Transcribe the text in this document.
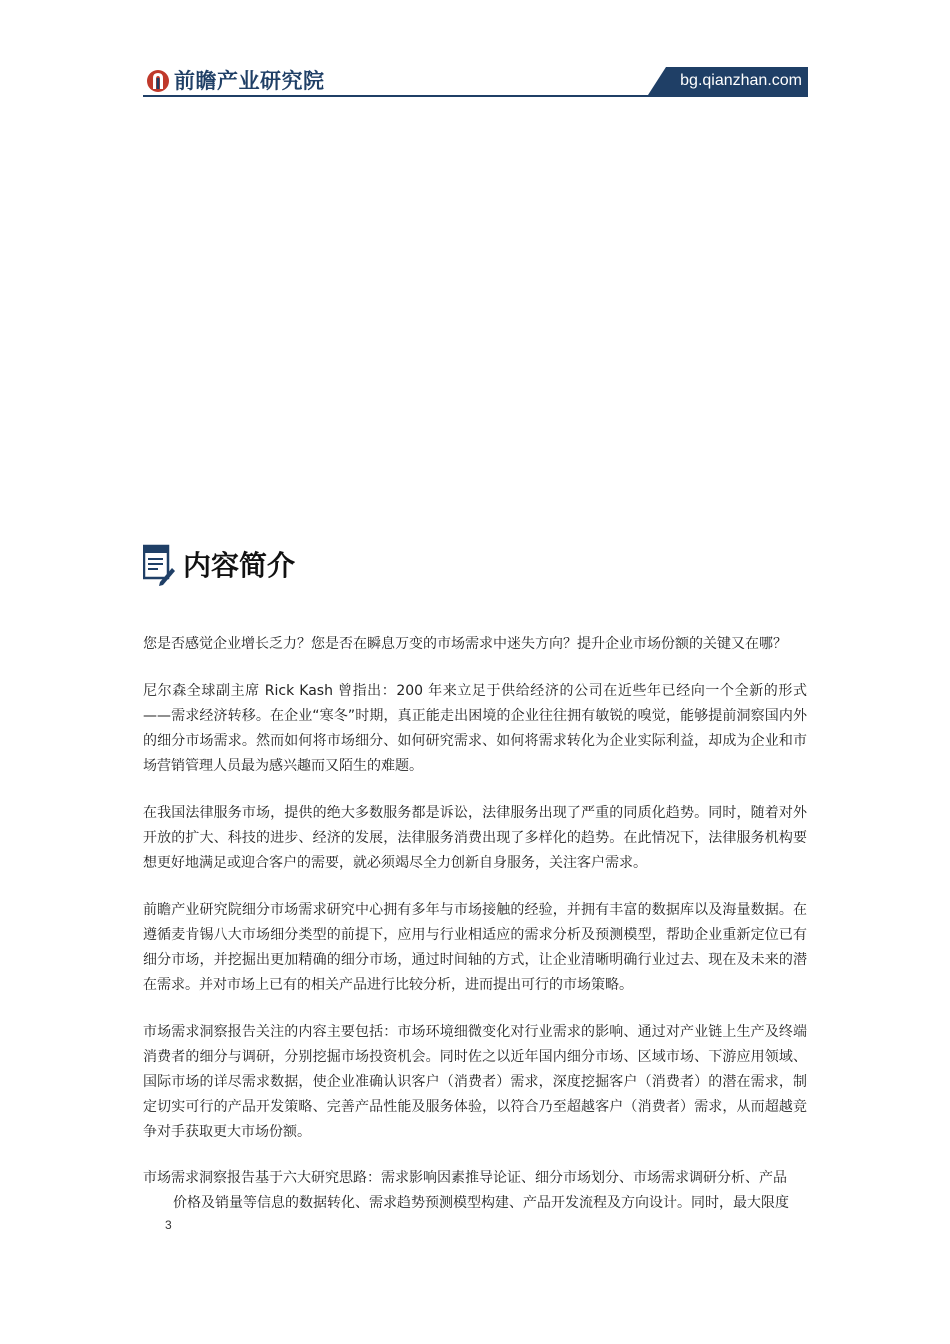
前瞻产业研究院	bg.qianzhan.com
内容简介

您是否感觉企业增长乏力？您是否在瞬息万变的市场需求中迷失方向？提升企业市场份额的关键又在哪？

尼尔森全球副主席 Rick Kash 曾指出：200 年来立足于供给经济的公司在近些年已经向一个全新的形式——需求经济转移。在企业“寒冬”时期，真正能走出困境的企业往往拥有敏锐的嗅觉，能够提前洞察国内外的细分市场需求。然而如何将市场细分、如何研究需求、如何将需求转化为企业实际利益，却成为企业和市场营销管理人员最为感兴趣而又陌生的难题。

在我国法律服务市场，提供的绝大多数服务都是诉讼，法律服务出现了严重的同质化趋势。同时，随着对外开放的扩大、科技的进步、经济的发展，法律服务消费出现了多样化的趋势。在此情况下，法律服务机构要想更好地满足或迎合客户的需要，就必须竭尽全力创新自身服务，关注客户需求。

前瞻产业研究院细分市场需求研究中心拥有多年与市场接触的经验，并拥有丰富的数据库以及海量数据。在遵循麦肯锡八大市场细分类型的前提下，应用与行业相适应的需求分析及预测模型，帮助企业重新定位已有细分市场，并挖掘出更加精确的细分市场，通过时间轴的方式，让企业清晰明确行业过去、现在及未来的潜在需求。并对市场上已有的相关产品进行比较分析，进而提出可行的市场策略。

市场需求洞察报告关注的内容主要包括：市场环境细微变化对行业需求的影响、通过对产业链上生产及终端消费者的细分与调研，分别挖掘市场投资机会。同时佐之以近年国内细分市场、区域市场、下游应用领域、国际市场的详尽需求数据，使企业准确认识客户（消费者）需求，深度挖掘客户（消费者）的潜在需求，制定切实可行的产品开发策略、完善产品性能及服务体验，以符合乃至超越客户（消费者）需求，从而超越竞争对手获取更大市场份额。

市场需求洞察报告基于六大研究思路：需求影响因素推导论证、细分市场划分、市场需求调研分析、产品

价格及销量等信息的数据转化、需求趋势预测模型构建、产品开发流程及方向设计。同时，最大限度

3
